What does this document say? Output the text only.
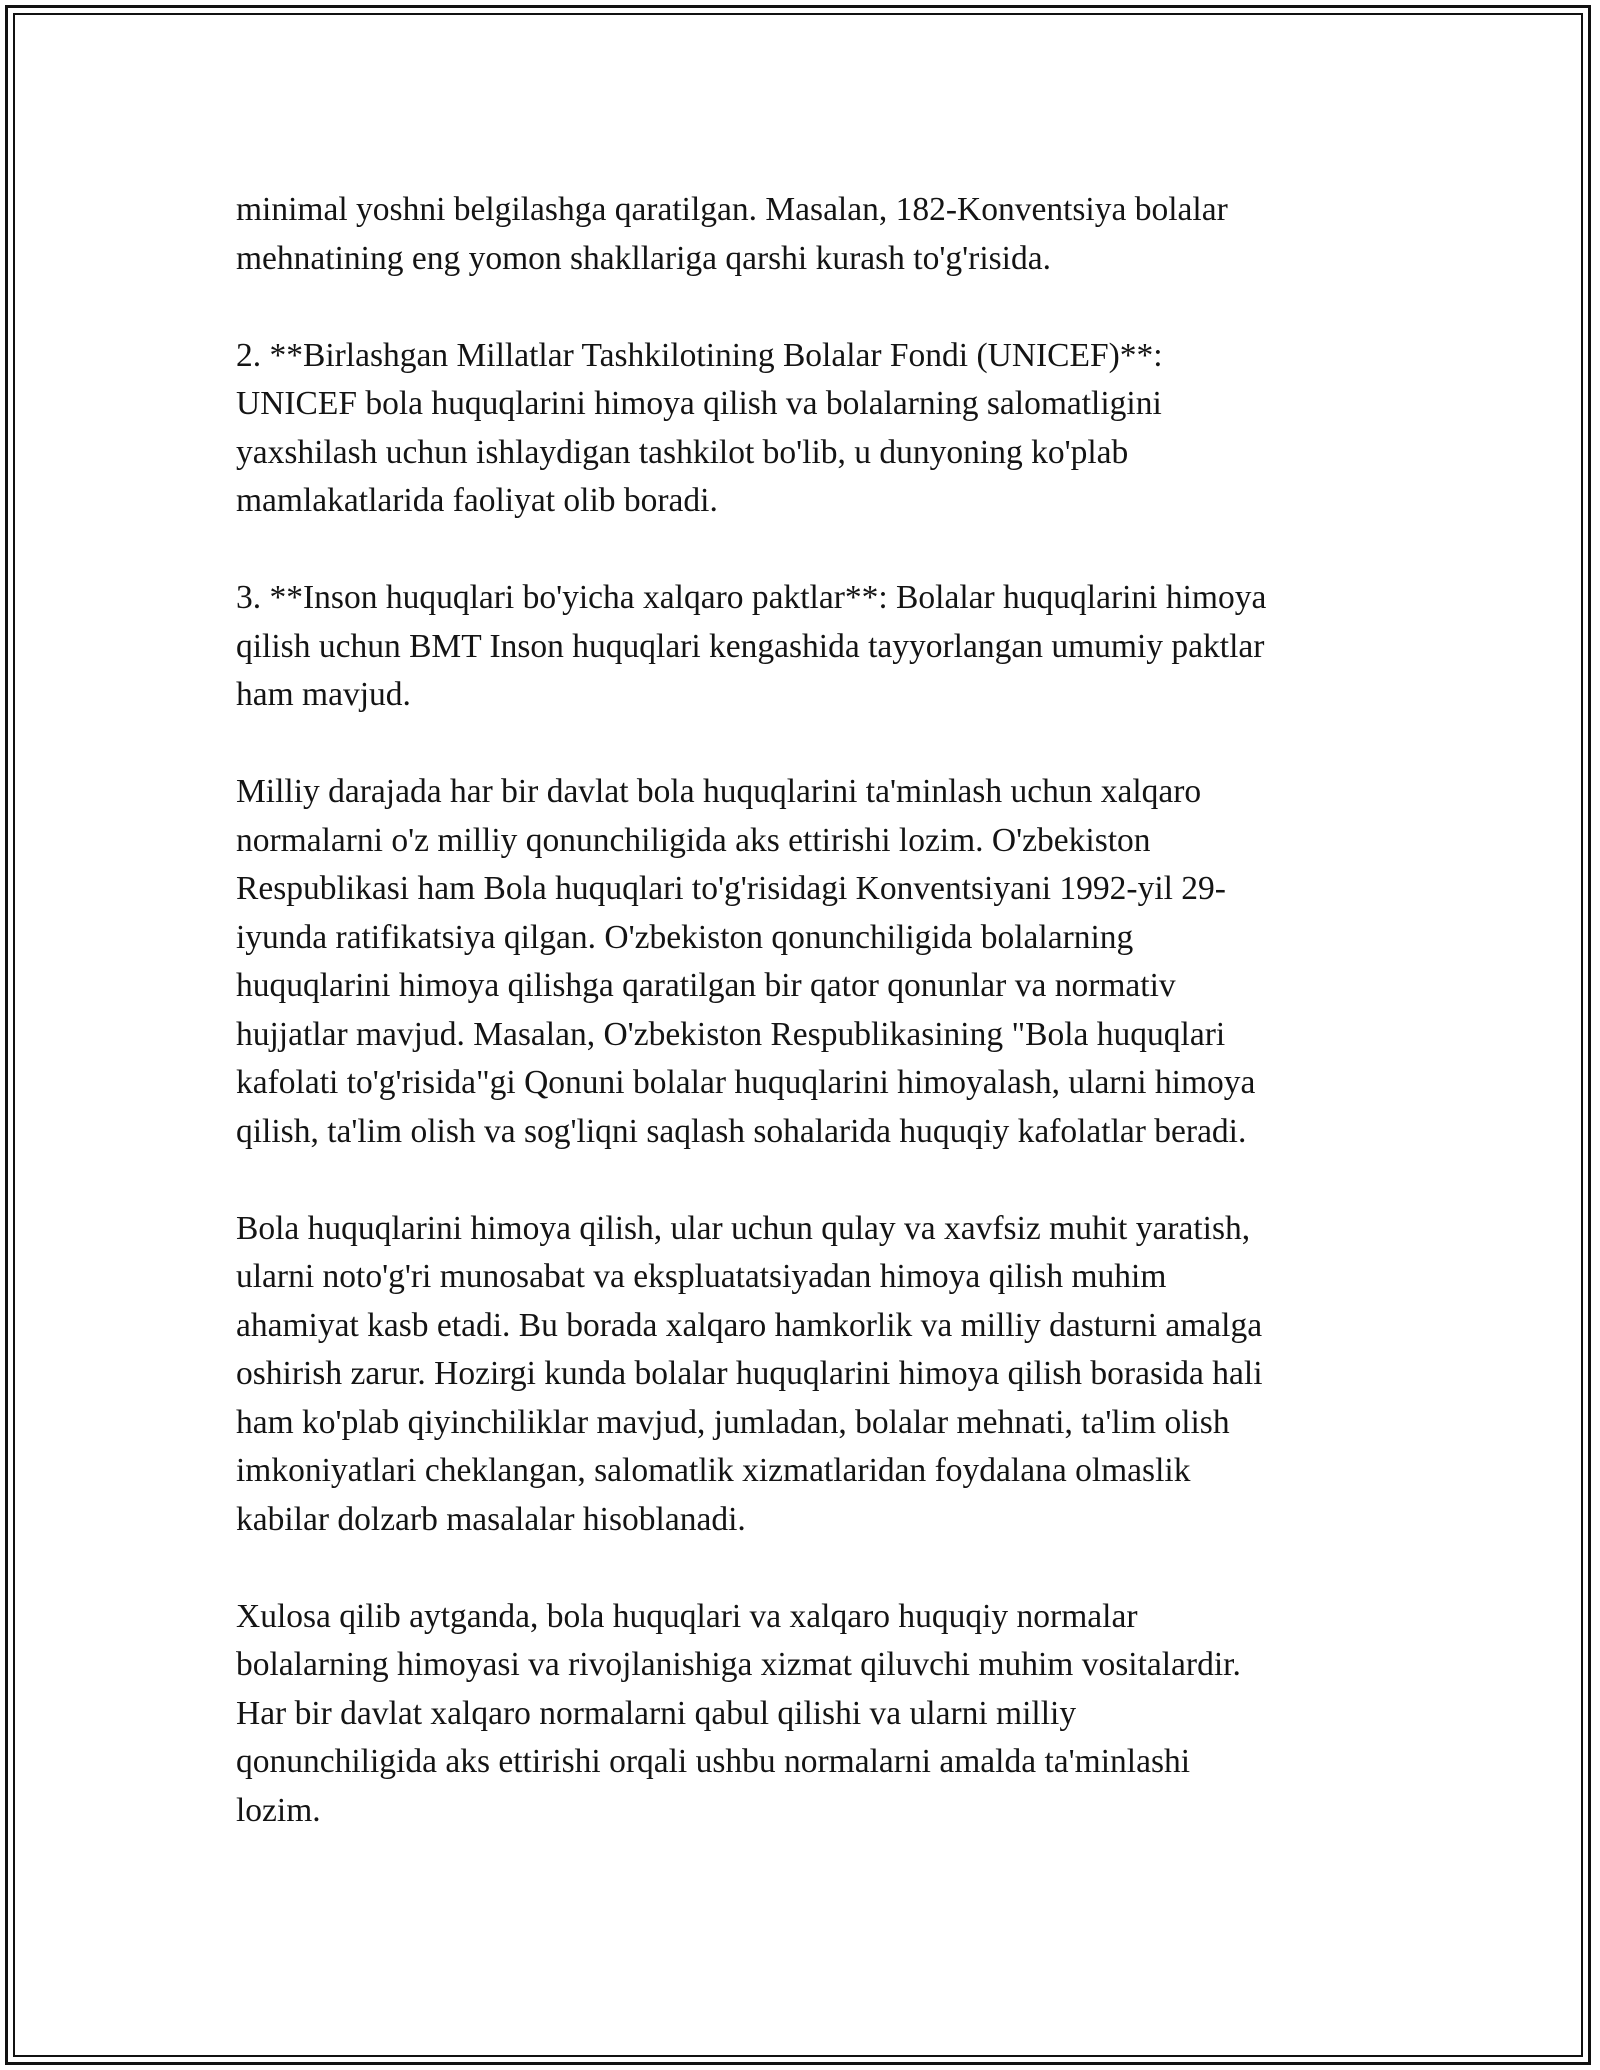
minimal yoshni belgilashga qaratilgan. Masalan, 182-Konventsiya bolalar
mehnatining eng yomon shakllariga qarshi kurash to'g'risida.

2. **Birlashgan Millatlar Tashkilotining Bolalar Fondi (UNICEF)**:
UNICEF bola huquqlarini himoya qilish va bolalarning salomatligini
yaxshilash uchun ishlaydigan tashkilot bo'lib, u dunyoning ko'plab
mamlakatlarida faoliyat olib boradi.

3. **Inson huquqlari bo'yicha xalqaro paktlar**: Bolalar huquqlarini himoya
qilish uchun BMT Inson huquqlari kengashida tayyorlangan umumiy paktlar
ham mavjud.

Milliy darajada har bir davlat bola huquqlarini ta'minlash uchun xalqaro
normalarni o'z milliy qonunchiligida aks ettirishi lozim. O'zbekiston
Respublikasi ham Bola huquqlari to'g'risidagi Konventsiyani 1992-yil 29-
iyunda ratifikatsiya qilgan. O'zbekiston qonunchiligida bolalarning
huquqlarini himoya qilishga qaratilgan bir qator qonunlar va normativ
hujjatlar mavjud. Masalan, O'zbekiston Respublikasining "Bola huquqlari
kafolati to'g'risida"gi Qonuni bolalar huquqlarini himoyalash, ularni himoya
qilish, ta'lim olish va sog'liqni saqlash sohalarida huquqiy kafolatlar beradi.

Bola huquqlarini himoya qilish, ular uchun qulay va xavfsiz muhit yaratish,
ularni noto'g'ri munosabat va ekspluatatsiyadan himoya qilish muhim
ahamiyat kasb etadi. Bu borada xalqaro hamkorlik va milliy dasturni amalga
oshirish zarur. Hozirgi kunda bolalar huquqlarini himoya qilish borasida hali
ham ko'plab qiyinchiliklar mavjud, jumladan, bolalar mehnati, ta'lim olish
imkoniyatlari cheklangan, salomatlik xizmatlaridan foydalana olmaslik
kabilar dolzarb masalalar hisoblanadi.

Xulosa qilib aytganda, bola huquqlari va xalqaro huquqiy normalar
bolalarning himoyasi va rivojlanishiga xizmat qiluvchi muhim vositalardir.
Har bir davlat xalqaro normalarni qabul qilishi va ularni milliy
qonunchiligida aks ettirishi orqali ushbu normalarni amalda ta'minlashi
lozim.
